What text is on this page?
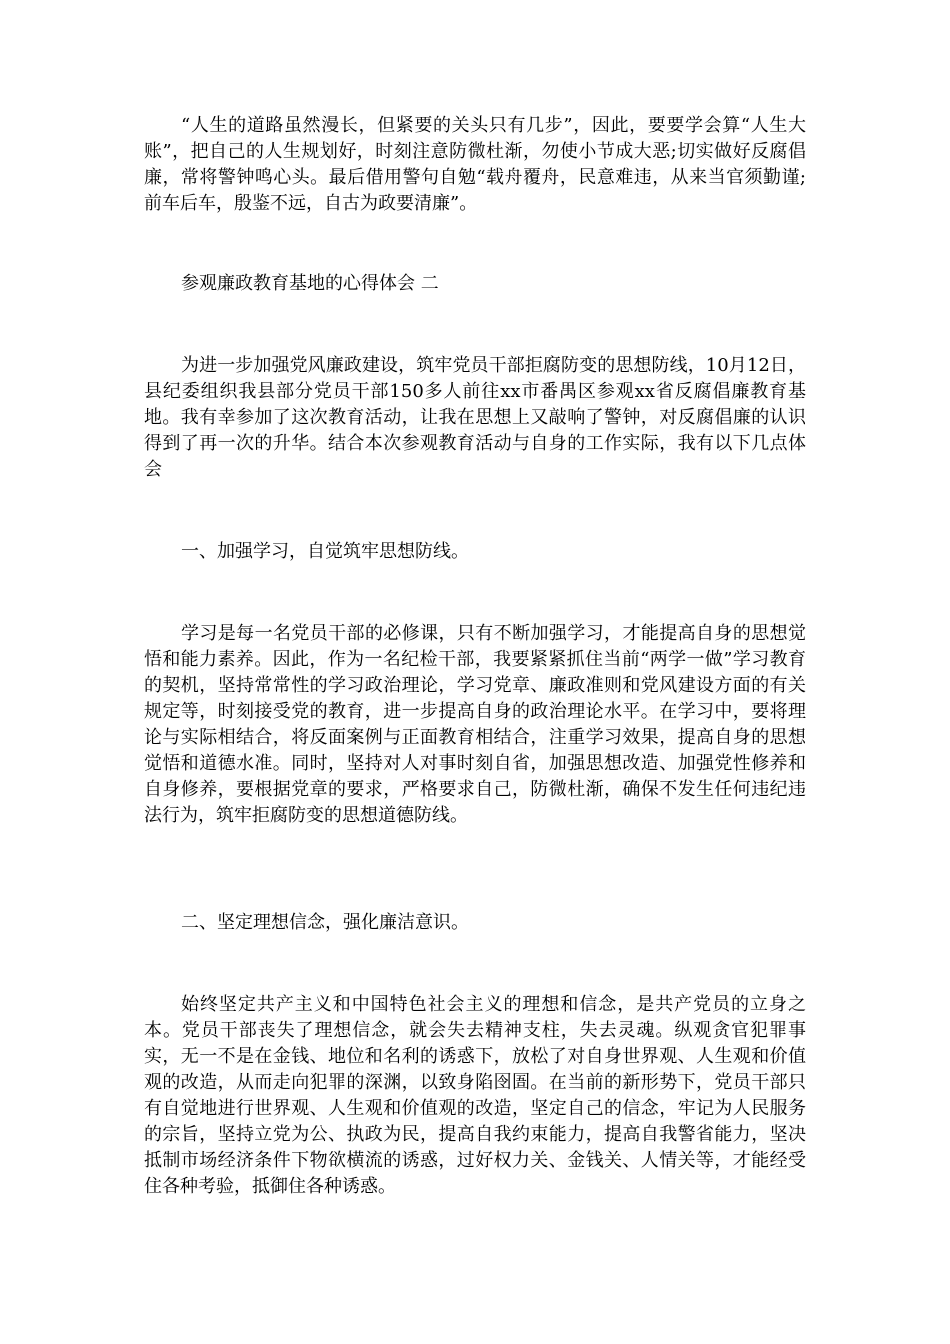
“人生的道路虽然漫长，但紧要的关头只有几步”，因此，要要学会算“人生大账”，把自己的人生规划好，时刻注意防微杜渐，勿使小节成大恶;切实做好反腐倡廉，常将警钟鸣心头。最后借用警句自勉“载舟覆舟，民意难违，从来当官须勤谨;前车后车，殷鉴不远，自古为政要清廉”。

参观廉政教育基地的心得体会 二

为进一步加强党风廉政建设，筑牢党员干部拒腐防变的思想防线，10月12日，县纪委组织我县部分党员干部150多人前往xx市番禺区参观xx省反腐倡廉教育基地。我有幸参加了这次教育活动，让我在思想上又敲响了警钟，对反腐倡廉的认识得到了再一次的升华。结合本次参观教育活动与自身的工作实际，我有以下几点体会

一、加强学习，自觉筑牢思想防线。

学习是每一名党员干部的必修课，只有不断加强学习，才能提高自身的思想觉悟和能力素养。因此，作为一名纪检干部，我要紧紧抓住当前“两学一做”学习教育的契机，坚持常常性的学习政治理论，学习党章、廉政准则和党风建设方面的有关规定等，时刻接受党的教育，进一步提高自身的政治理论水平。在学习中，要将理论与实际相结合，将反面案例与正面教育相结合，注重学习效果，提高自身的思想觉悟和道德水准。同时，坚持对人对事时刻自省，加强思想改造、加强党性修养和自身修养，要根据党章的要求，严格要求自己，防微杜渐，确保不发生任何违纪违法行为，筑牢拒腐防变的思想道德防线。

二、坚定理想信念，强化廉洁意识。

始终坚定共产主义和中国特色社会主义的理想和信念，是共产党员的立身之本。党员干部丧失了理想信念，就会失去精神支柱，失去灵魂。纵观贪官犯罪事实，无一不是在金钱、地位和名利的诱惑下，放松了对自身世界观、人生观和价值观的改造，从而走向犯罪的深渊，以致身陷囹圄。在当前的新形势下，党员干部只有自觉地进行世界观、人生观和价值观的改造，坚定自己的信念，牢记为人民服务的宗旨，坚持立党为公、执政为民，提高自我约束能力，提高自我警省能力，坚决抵制市场经济条件下物欲横流的诱惑，过好权力关、金钱关、人情关等，才能经受住各种考验，抵御住各种诱惑。
